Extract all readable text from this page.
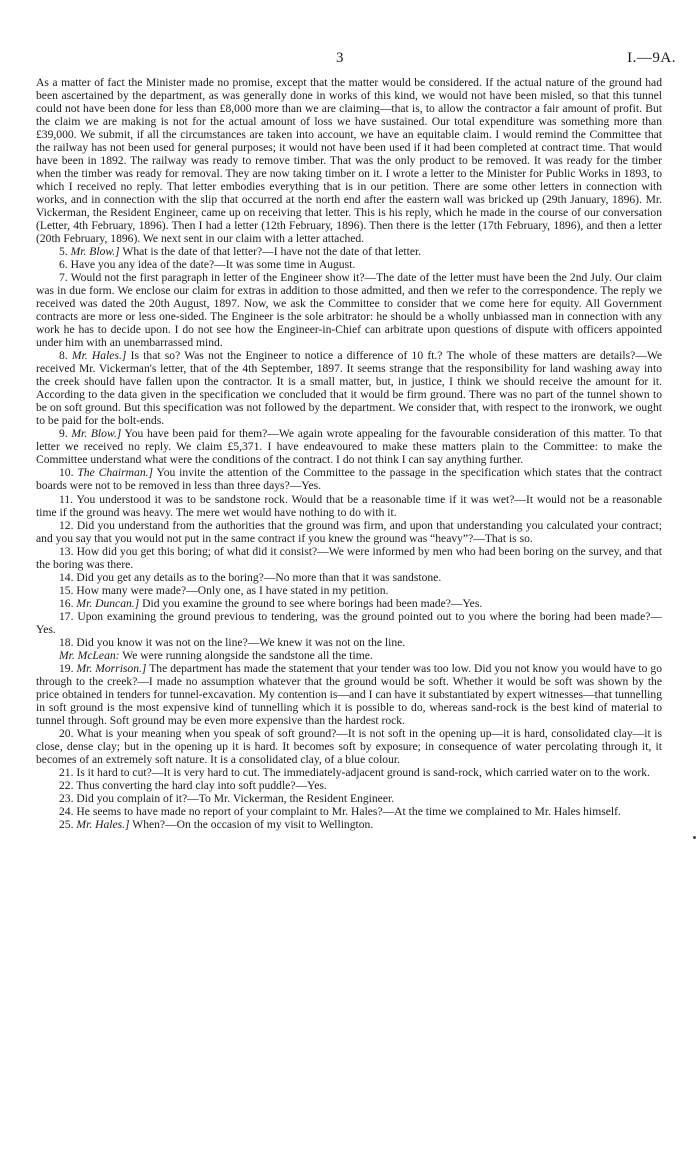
3	I.—9A.

As a matter of fact the Minister made no promise, except that the matter would be considered. If the actual nature of the ground had been ascertained by the department, as was generally done in works of this kind, we would not have been misled, so that this tunnel could not have been done for less than £8,000 more than we are claiming—that is, to allow the contractor a fair amount of profit. But the claim we are making is not for the actual amount of loss we have sustained. Our total expenditure was something more than £39,000. We submit, if all the circumstances are taken into account, we have an equitable claim. I would remind the Committee that the railway has not been used for general purposes; it would not have been used if it had been completed at contract time. That would have been in 1892. The railway was ready to remove timber. That was the only product to be removed. It was ready for the timber when the timber was ready for removal. They are now taking timber on it. I wrote a letter to the Minister for Public Works in 1893, to which I received no reply. That letter embodies everything that is in our petition. There are some other letters in connection with works, and in connection with the slip that occurred at the north end after the eastern wall was bricked up (29th January, 1896). Mr. Vickerman, the Resident Engineer, came up on receiving that letter. This is his reply, which he made in the course of our conversation (Letter, 4th February, 1896). Then I had a letter (12th February, 1896). Then there is the letter (17th February, 1896), and then a letter (20th February, 1896). We next sent in our claim with a letter attached.

5. Mr. Blow.] What is the date of that letter?—I have not the date of that letter.

6. Have you any idea of the date?—It was some time in August.

7. Would not the first paragraph in letter of the Engineer show it?—The date of the letter must have been the 2nd July. Our claim was in due form. We enclose our claim for extras in addition to those admitted, and then we refer to the correspondence. The reply we received was dated the 20th August, 1897. Now, we ask the Committee to consider that we come here for equity. All Government contracts are more or less one-sided. The Engineer is the sole arbitrator: he should be a wholly unbiassed man in connection with any work he has to decide upon. I do not see how the Engineer-in-Chief can arbitrate upon questions of dispute with officers appointed under him with an unembarrassed mind.

8. Mr. Hales.] Is that so? Was not the Engineer to notice a difference of 10 ft.? The whole of these matters are details?—We received Mr. Vickerman's letter, that of the 4th September, 1897. It seems strange that the responsibility for land washing away into the creek should have fallen upon the contractor. It is a small matter, but, in justice, I think we should receive the amount for it. According to the data given in the specification we concluded that it would be firm ground. There was no part of the tunnel shown to be on soft ground. But this specification was not followed by the department. We consider that, with respect to the ironwork, we ought to be paid for the bolt-ends.

9. Mr. Blow.] You have been paid for them?—We again wrote appealing for the favourable consideration of this matter. To that letter we received no reply. We claim £5,371. I have endeavoured to make these matters plain to the Committee: to make the Committee understand what were the conditions of the contract. I do not think I can say anything further.

10. The Chairman.] You invite the attention of the Committee to the passage in the specification which states that the contract boards were not to be removed in less than three days?—Yes.

11. You understood it was to be sandstone rock. Would that be a reasonable time if it was wet?—It would not be a reasonable time if the ground was heavy. The mere wet would have nothing to do with it.

12. Did you understand from the authorities that the ground was firm, and upon that understanding you calculated your contract; and you say that you would not put in the same contract if you knew the ground was “heavy”?—That is so.

13. How did you get this boring; of what did it consist?—We were informed by men who had been boring on the survey, and that the boring was there.

14. Did you get any details as to the boring?—No more than that it was sandstone.

15. How many were made?—Only one, as I have stated in my petition.

16. Mr. Duncan.] Did you examine the ground to see where borings had been made?—Yes.

17. Upon examining the ground previous to tendering, was the ground pointed out to you where the boring had been made?—Yes.

18. Did you know it was not on the line?—We knew it was not on the line.

Mr. McLean: We were running alongside the sandstone all the time.

19. Mr. Morrison.] The department has made the statement that your tender was too low. Did you not know you would have to go through to the creek?—I made no assumption whatever that the ground would be soft. Whether it would be soft was shown by the price obtained in tenders for tunnel-excavation. My contention is—and I can have it substantiated by expert witnesses—that tunnelling in soft ground is the most expensive kind of tunnelling which it is possible to do, whereas sand-rock is the best kind of material to tunnel through. Soft ground may be even more expensive than the hardest rock.

20. What is your meaning when you speak of soft ground?—It is not soft in the opening up—it is hard, consolidated clay—it is close, dense clay; but in the opening up it is hard. It becomes soft by exposure; in consequence of water percolating through it, it becomes of an extremely soft nature. It is a consolidated clay, of a blue colour.

21. Is it hard to cut?—It is very hard to cut. The immediately-adjacent ground is sand-rock, which carried water on to the work.

22. Thus converting the hard clay into soft puddle?—Yes.

23. Did you complain of it?—To Mr. Vickerman, the Resident Engineer.

24. He seems to have made no report of your complaint to Mr. Hales?—At the time we complained to Mr. Hales himself.

25. Mr. Hales.] When?—On the occasion of my visit to Wellington.
